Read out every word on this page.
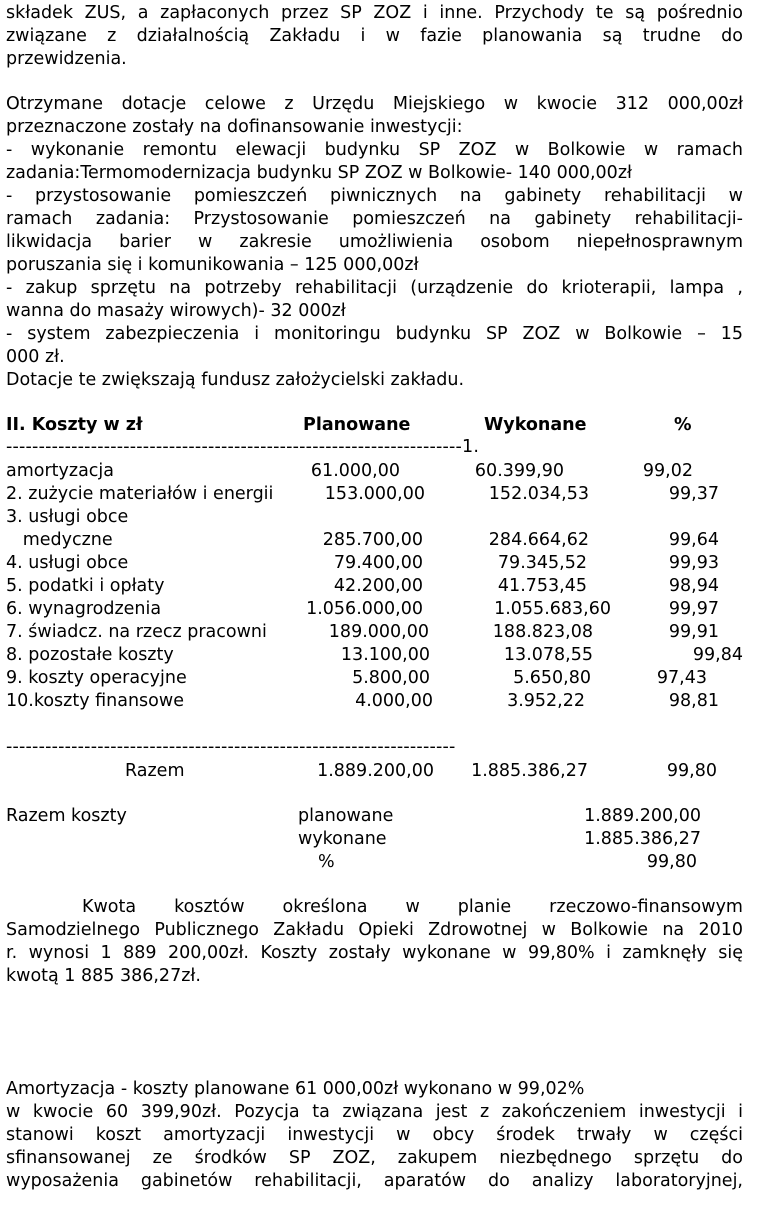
składek ZUS, a zapłaconych przez SP ZOZ i inne. Przychody te są pośrednio
związane z działalnością Zakładu i w fazie planowania są trudne do
przewidzenia.
Otrzymane dotacje celowe z Urzędu Miejskiego w kwocie 312 000,00zł
przeznaczone zostały na dofinansowanie inwestycji:
- wykonanie remontu elewacji budynku SP ZOZ w Bolkowie w ramach
zadania:Termomodernizacja budynku SP ZOZ w Bolkowie- 140 000,00zł
- przystosowanie pomieszczeń piwnicznych na gabinety rehabilitacji w
ramach zadania: Przystosowanie pomieszczeń na gabinety rehabilitacji-
likwidacja barier w zakresie umożliwienia osobom niepełnosprawnym
poruszania się i komunikowania – 125 000,00zł
- zakup sprzętu na potrzeby rehabilitacji (urządzenie do krioterapii, lampa ,
wanna do masaży wirowych)- 32 000zł
- system zabezpieczenia i monitoringu budynku SP ZOZ w Bolkowie – 15
000 zł.
Dotacje te zwiększają fundusz założycielski zakładu.
II. Koszty w zł	Planowane	Wykonane	%
----------------------------------------------------------------------1.
amortyzacja	61.000,00	60.399,90	99,02
2. zużycie materiałów i energii	153.000,00	152.034,53	99,37
3. usługi obce
medyczne	285.700,00	284.664,62	99,64
4. usługi obce	79.400,00	79.345,52	99,93
5. podatki i opłaty	42.200,00	41.753,45	98,94
6. wynagrodzenia	1.056.000,00	1.055.683,60	99,97
7. świadcz. na rzecz pracowni	189.000,00	188.823,08	99,91
8. pozostałe koszty	13.100,00	13.078,55	99,84
9. koszty operacyjne	5.800,00	5.650,80	97,43
10.koszty finansowe	4.000,00	3.952,22	98,81
---------------------------------------------------------------------
Razem	1.889.200,00 1.885.386,27	99,80
Razem koszty	planowane	1.889.200,00
wykonane	1.885.386,27
%	99,80
Kwota    kosztów    określona    w    planie    rzeczowo-finansowym
Samodzielnego Publicznego Zakładu Opieki Zdrowotnej w Bolkowie na 2010
r. wynosi 1 889 200,00zł. Koszty zostały wykonane w 99,80% i zamknęły się
kwotą 1 885 386,27zł.
Amortyzacja - koszty planowane 61 000,00zł wykonano w 99,02%
w kwocie 60 399,90zł. Pozycja ta związana jest z zakończeniem inwestycji i
stanowi koszt amortyzacji inwestycji w obcy środek trwały w części
sfinansowanej ze środków SP ZOZ, zakupem niezbędnego sprzętu do
wyposażenia gabinetów rehabilitacji, aparatów do analizy laboratoryjnej,
